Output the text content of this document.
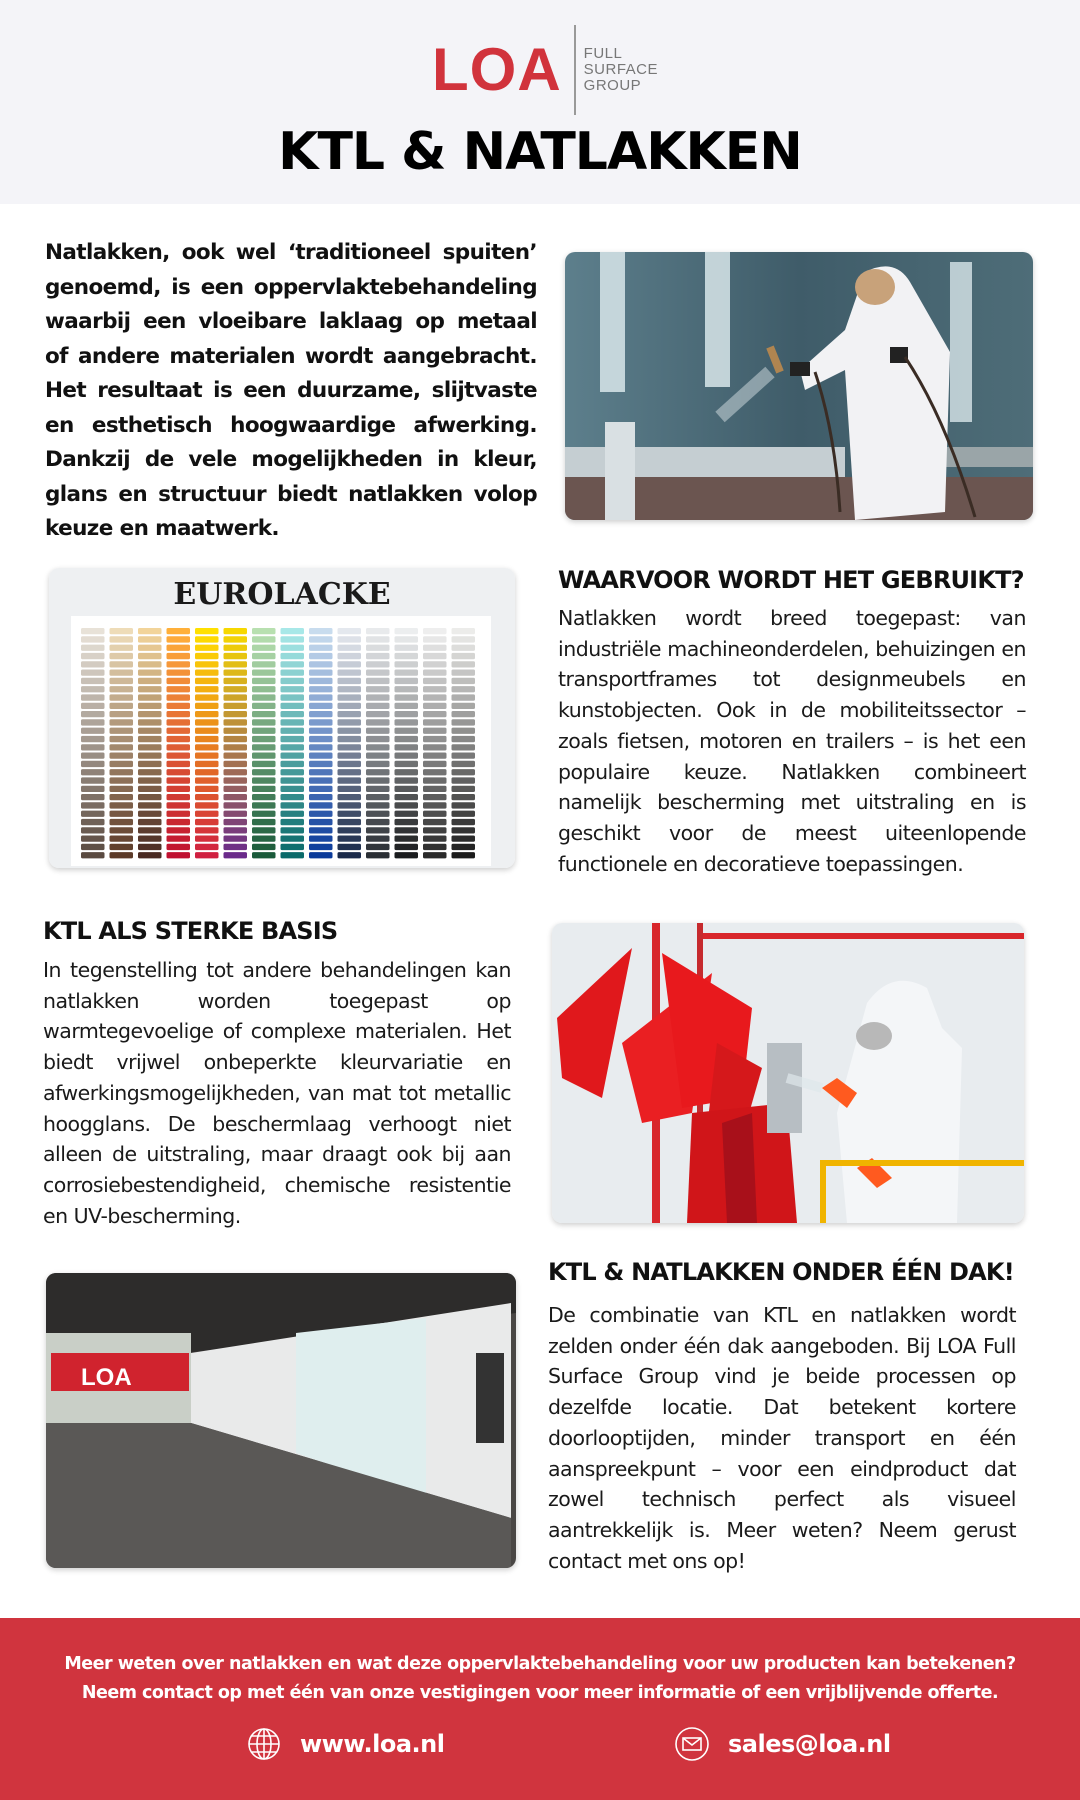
LOA FULL
SURFACE
GROUP
KTL & NATLAKKEN

Natlakken, ook wel ‘traditioneel spuiten’ genoemd, is een oppervlaktebehandeling waarbij een vloeibare laklaag op metaal of andere materialen wordt aangebracht. Het resultaat is een duurzame, slijtvaste en esthetisch hoogwaardige afwerking. Dankzij de vele mogelijkheden in kleur, glans en structuur biedt natlakken volop keuze en maatwerk.

EUROLACKE	WAARVOOR WORDT HET GEBRUIKT?

Natlakken wordt breed toegepast: van industriële machineonderdelen, behuizingen en transportframes tot designmeubels en kunstobjecten. Ook in de mobiliteitssector – zoals fietsen, motoren en trailers – is het een populaire keuze. Natlakken combineert namelijk bescherming met uitstraling en is geschikt voor de meest uiteenlopende functionele en decoratieve toepassingen.

KTL ALS STERKE BASIS

In tegenstelling tot andere behandelingen kan natlakken worden toegepast op warmtegevoelige of complexe materialen. Het biedt vrijwel onbeperkte kleurvariatie en afwerkingsmogelijkheden, van mat tot metallic hoogglans. De beschermlaag verhoogt niet alleen de uitstraling, maar draagt ook bij aan corrosiebestendigheid, chemische resistentie en UV-bescherming.

LOA
KTL & NATLAKKEN ONDER ÉÉN DAK!

De combinatie van KTL en natlakken wordt zelden onder één dak aangeboden. Bij LOA Full Surface Group vind je beide processen op dezelfde locatie. Dat betekent kortere doorlooptijden, minder transport en één aanspreekpunt – voor een eindproduct dat zowel technisch perfect als visueel aantrekkelijk is. Meer weten? Neem gerust contact met ons op!

Meer weten over natlakken en wat deze oppervlaktebehandeling voor uw producten kan betekenen?
Neem contact op met één van onze vestigingen voor meer informatie of een vrijblijvende offerte.
www.loa.nl	sales@loa.nl
